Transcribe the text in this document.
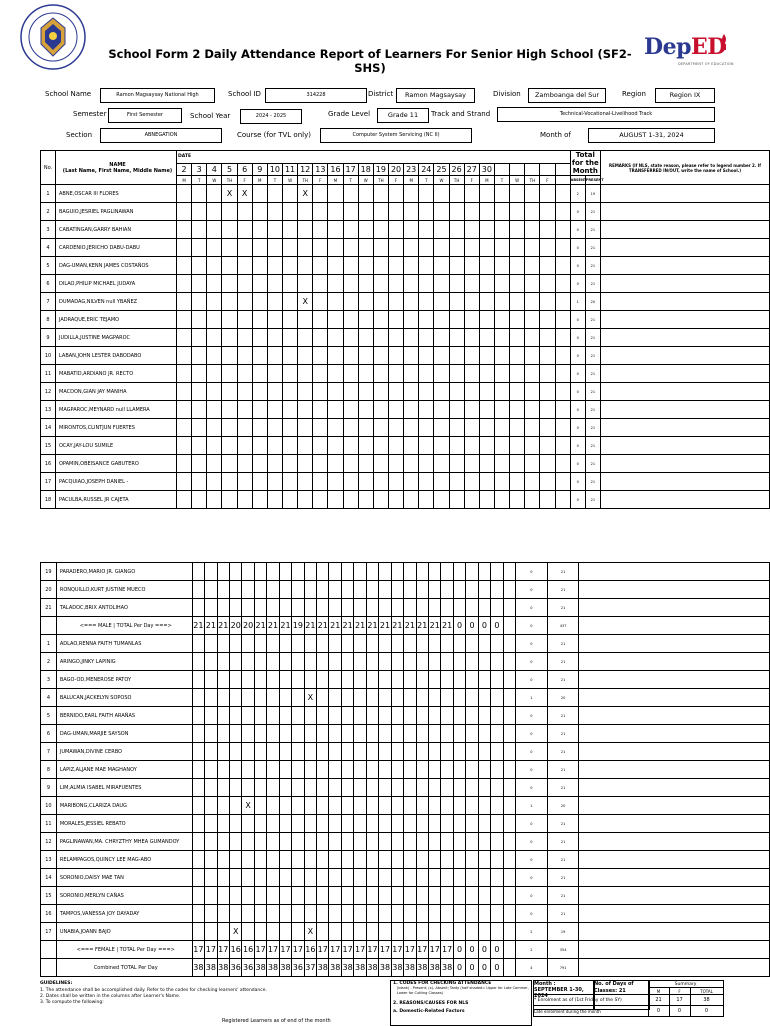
School Form 2 Daily Attendance Report of Learners For Senior High School (SF2-SHS)
DepED
DEPARTMENT OF EDUCATION
School Name	Ramon Magsaysay National High	School ID	314228	District	Ramon Magsaysay	Division	Zamboanga del Sur	Region	Region IX
Semester	First Semester	School Year	2024 - 2025	Grade Level	Grade 11	Track and Strand	Technical-Vocational-Livelihood Track
Section	ABNEGATION	Course (for TVL only)	Computer System Servicing (NC II)	Month of	AUGUST 1-31, 2024
No.	NAME
(Last Name, First Name, Middle Name)	DATE																										Total for the Month		REMARKS (If NLS, state reason, please refer to legend number 2. If TRANSFERRED IN/OUT, write the name of School.)
		2	3	4	5	6	9	10	11	12	13	16	17	18	19	20	23	24	25	26	27	30								
		M	T	W	TH	F	M	T	W	TH	F	M	T	W	TH	F	M	T	W	TH	F	M	T	W	TH	F		ABSENT	PRESENT	
1	ABNE,OSCAR III FLORES				X	X				X																		2	19	
2	BAGUIO,JESRIEL PAGLINAWAN																											0	21	
3	CABATINGAN,GARRY BAHIAN																											0	21	
4	CARDENIO,JERICHO DABU-DABU																											0	21	
5	DAG-UMAN,KENN JAMES COSTAÑOS																											0	21	
6	DILAO,PHILIP MICHAEL JUDAYA																											0	21	
7	DUMADAG,NILVEN null YBAÑEZ									X																		1	20	
8	JADRAQUE,ERIC TEJAMO																											0	21	
9	JUDILLA,JUSTINE MAGPAROC																											0	21	
10	LABAN,JOHN LESTER DABODABO																											0	21	
11	MABATID,ARDIANO JR. RECTO																											0	21	
12	MACDON,GIAN JAY MANIHA																											0	21	
13	MAGPAROC,MEYNARD null LLAMERA																											0	21	
14	MIRONTOS,CLINTJUN FUERTES																											0	21	
15	OCAY,JAY-LOU SUMILE																											0	21	
16	OPAMIN,OBEISANCE GABUTERO																											0	21	
17	PACQUIAO,JOSEPH DANIEL -																											0	21	
18	PACULBA,RUSSEL JR CAJETA																											0	21	

19	PARADERO,MARIO JR. GIANGO																											0	21	
20	RONQUILLO,KURT JUSTINE MUECO																											0	21	
21	TALADOC,BRIX ANTOLIHAO																											0	21	
	<=== MALE | TOTAL Per Day ===>	21	21	21	20	20	21	21	21	19	21	21	21	21	21	21	21	21	21	21	21	21	0	0	0	0		0	437	
1	ADLAO,RENNA FAITH TUMANLAS																											0	21	
2	ARINGO,JINKY LAPINIG																											0	21	
3	BAGO-OD,MENEROSE PATOY																											0	21	
4	BALUCAN,JACKELYN SOPOSO										X																	1	20	
5	BERNIDO,EARL FAITH ARAÑAS																											0	21	
6	DAG-UMAN,MARJIE SAYSON																											0	21	
7	JUMAWAN,DIVINE CERBO																											0	21	
8	LAPIZ,ALJANE MAE MAGHANOY																											0	21	
9	LIM,ALMIA ISABEL MIRAFUENTES																											0	21	
10	MARIBONG,CLARIZA DAUG					X																						1	20	
11	MORALES,JESSIEL REBATO																											0	21	
12	PAGLINAWAN,MA. CHRYZTHY MHEA GUMANDOY																											0	21	
13	RELAMPAGOS,QUINCY LEE MAG-ABO																											0	21	
14	SORONIO,DAISY MAE TAN																											0	21	
15	SORONIO,MERLYN CAÑAS																											0	21	
16	TAMPOS,VANESSA JOY DAYADAY																											0	21	
17	UNABIA,JOANN BAJO				X						X																	2	19	
	<=== FEMALE | TOTAL Per Day ===>	17	17	17	16	16	17	17	17	17	16	17	17	17	17	17	17	17	17	17	17	17	0	0	0	0		2	354	
	Combined TOTAL Per Day	38	38	38	36	36	38	38	38	36	37	38	38	38	38	38	38	38	38	38	38	38	0	0	0	0		4	791	
GUIDELINES:
1. The attendance shall be accomplished daily. Refer to the codes for checking learners' attendance.
2. Dates shall be written in the columns after Learner's Name.
3. To compute the following:
Registered Learners as of end of the month
1. CODES FOR CHECKING ATTENDANCE
(blank) - Present; (x)- Absent; Tardy (half shaded= Upper for Late Commer, Lower for Cutting Classes)
2. REASONS/CAUSES FOR NLS
a. Domestic-Related Factors
Month :
SEPTEMBER 1-30, 2024
No. of Days of Classes: 21
	Summary		
	M	F	TOTAL
* Enrolment as of (1st Friday of the SY)	21	17	38
Late enrolment during the month	0	0	0
